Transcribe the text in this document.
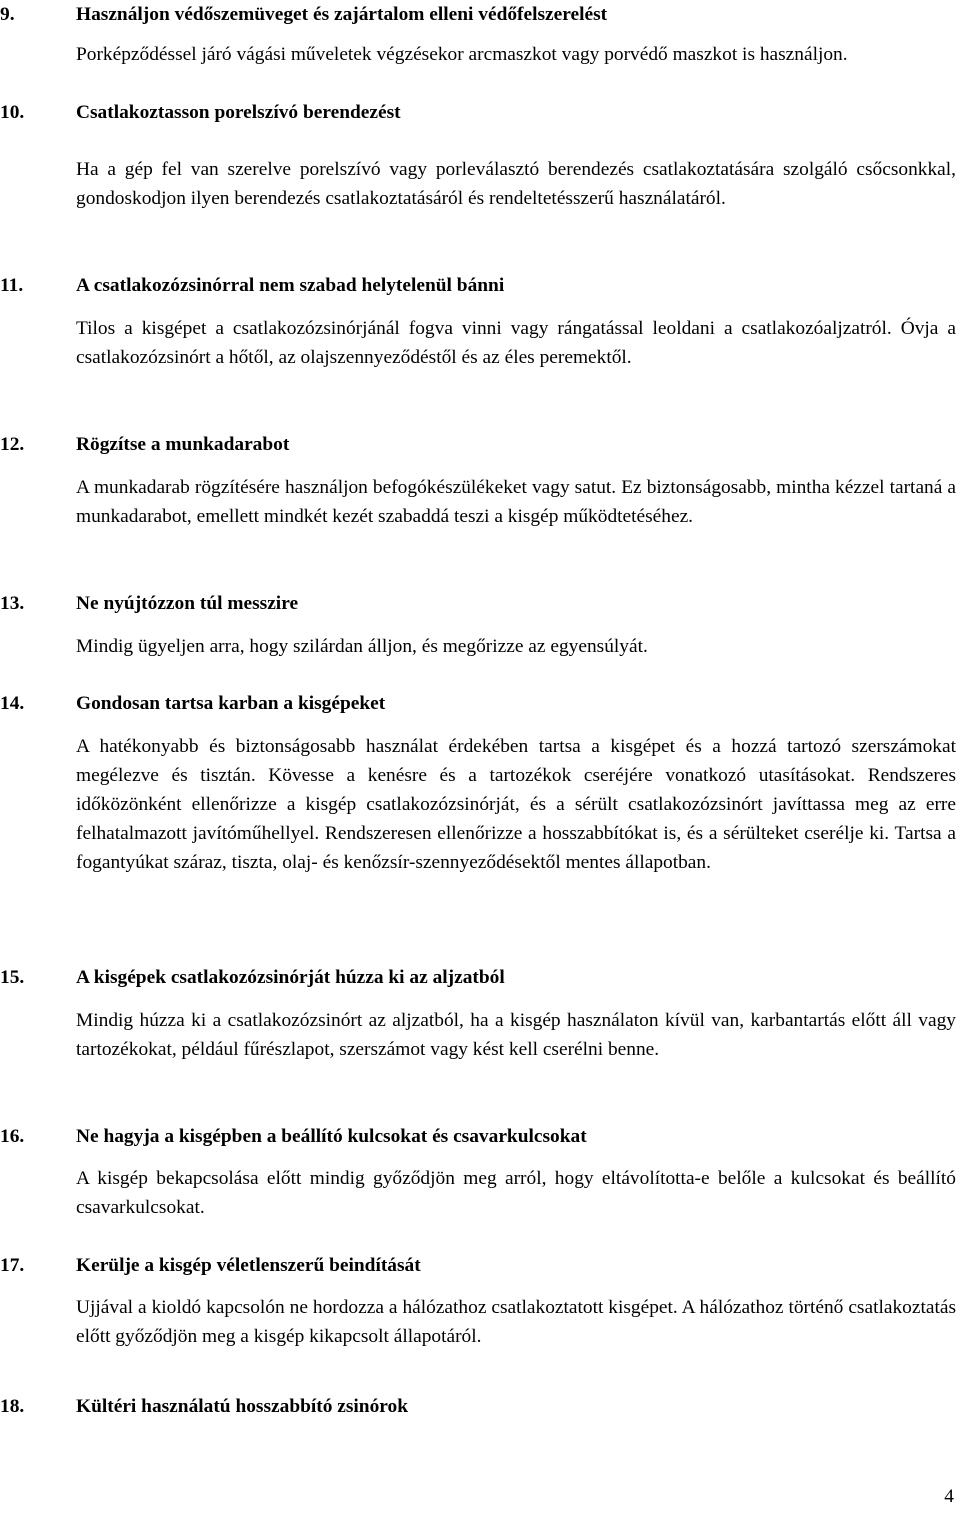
9.	Használjon védőszemüveget és zajártalom elleni védőfelszerelést
Porképződéssel járó vágási műveletek végzésekor arcmaszkot vagy porvédő maszkot is használjon.
10.	Csatlakoztasson porelszívó berendezést
Ha a gép fel van szerelve porelszívó vagy porleválasztó berendezés csatlakoztatására szolgáló csőcsonkkal, gondoskodjon ilyen berendezés csatlakoztatásáról és rendeltetésszerű használatáról.
11.	A csatlakozózsinórral nem szabad helytelenül bánni
Tilos a kisgépet a csatlakozózsinórjánál fogva vinni vagy rángatással leoldani a csatlakozóaljzatról. Óvja a csatlakozózsinórt a hőtől, az olajszennyeződéstől és az éles peremektől.
12.	Rögzítse a munkadarabot
A munkadarab rögzítésére használjon befogókészülékeket vagy satut. Ez biztonságosabb, mintha kézzel tartaná a munkadarabot, emellett mindkét kezét szabaddá teszi a kisgép működtetéséhez.
13.	Ne nyújtózzon túl messzire
Mindig ügyeljen arra, hogy szilárdan álljon, és megőrizze az egyensúlyát.
14.	Gondosan tartsa karban a kisgépeket
A hatékonyabb és biztonságosabb használat érdekében tartsa a kisgépet és a hozzá tartozó szerszámokat megélezve és tisztán. Kövesse a kenésre és a tartozékok cseréjére vonatkozó utasításokat. Rendszeres időközönként ellenőrizze a kisgép csatlakozózsinórját, és a sérült csatlakozózsinórt javíttassa meg az erre felhatalmazott javítóműhellyel. Rendszeresen ellenőrizze a hosszabbítókat is, és a sérülteket cserélje ki. Tartsa a fogantyúkat száraz, tiszta, olaj- és kenőzsír-szennyeződésektől mentes állapotban.
15.	A kisgépek csatlakozózsinórját húzza ki az aljzatból
Mindig húzza ki a csatlakozózsinórt az aljzatból, ha a kisgép használaton kívül van, karbantartás előtt áll vagy tartozékokat, például fűrészlapot, szerszámot vagy kést kell cserélni benne.
16.	Ne hagyja a kisgépben a beállító kulcsokat és csavarkulcsokat
A kisgép bekapcsolása előtt mindig győződjön meg arról, hogy eltávolította-e belőle a kulcsokat és beállító csavarkulcsokat.
17.	Kerülje a kisgép véletlenszerű beindítását
Ujjával a kioldó kapcsolón ne hordozza a hálózathoz csatlakoztatott kisgépet. A hálózathoz történő csatlakoztatás előtt győződjön meg a kisgép kikapcsolt állapotáról.
18.	Kültéri használatú hosszabbító zsinórok
4
